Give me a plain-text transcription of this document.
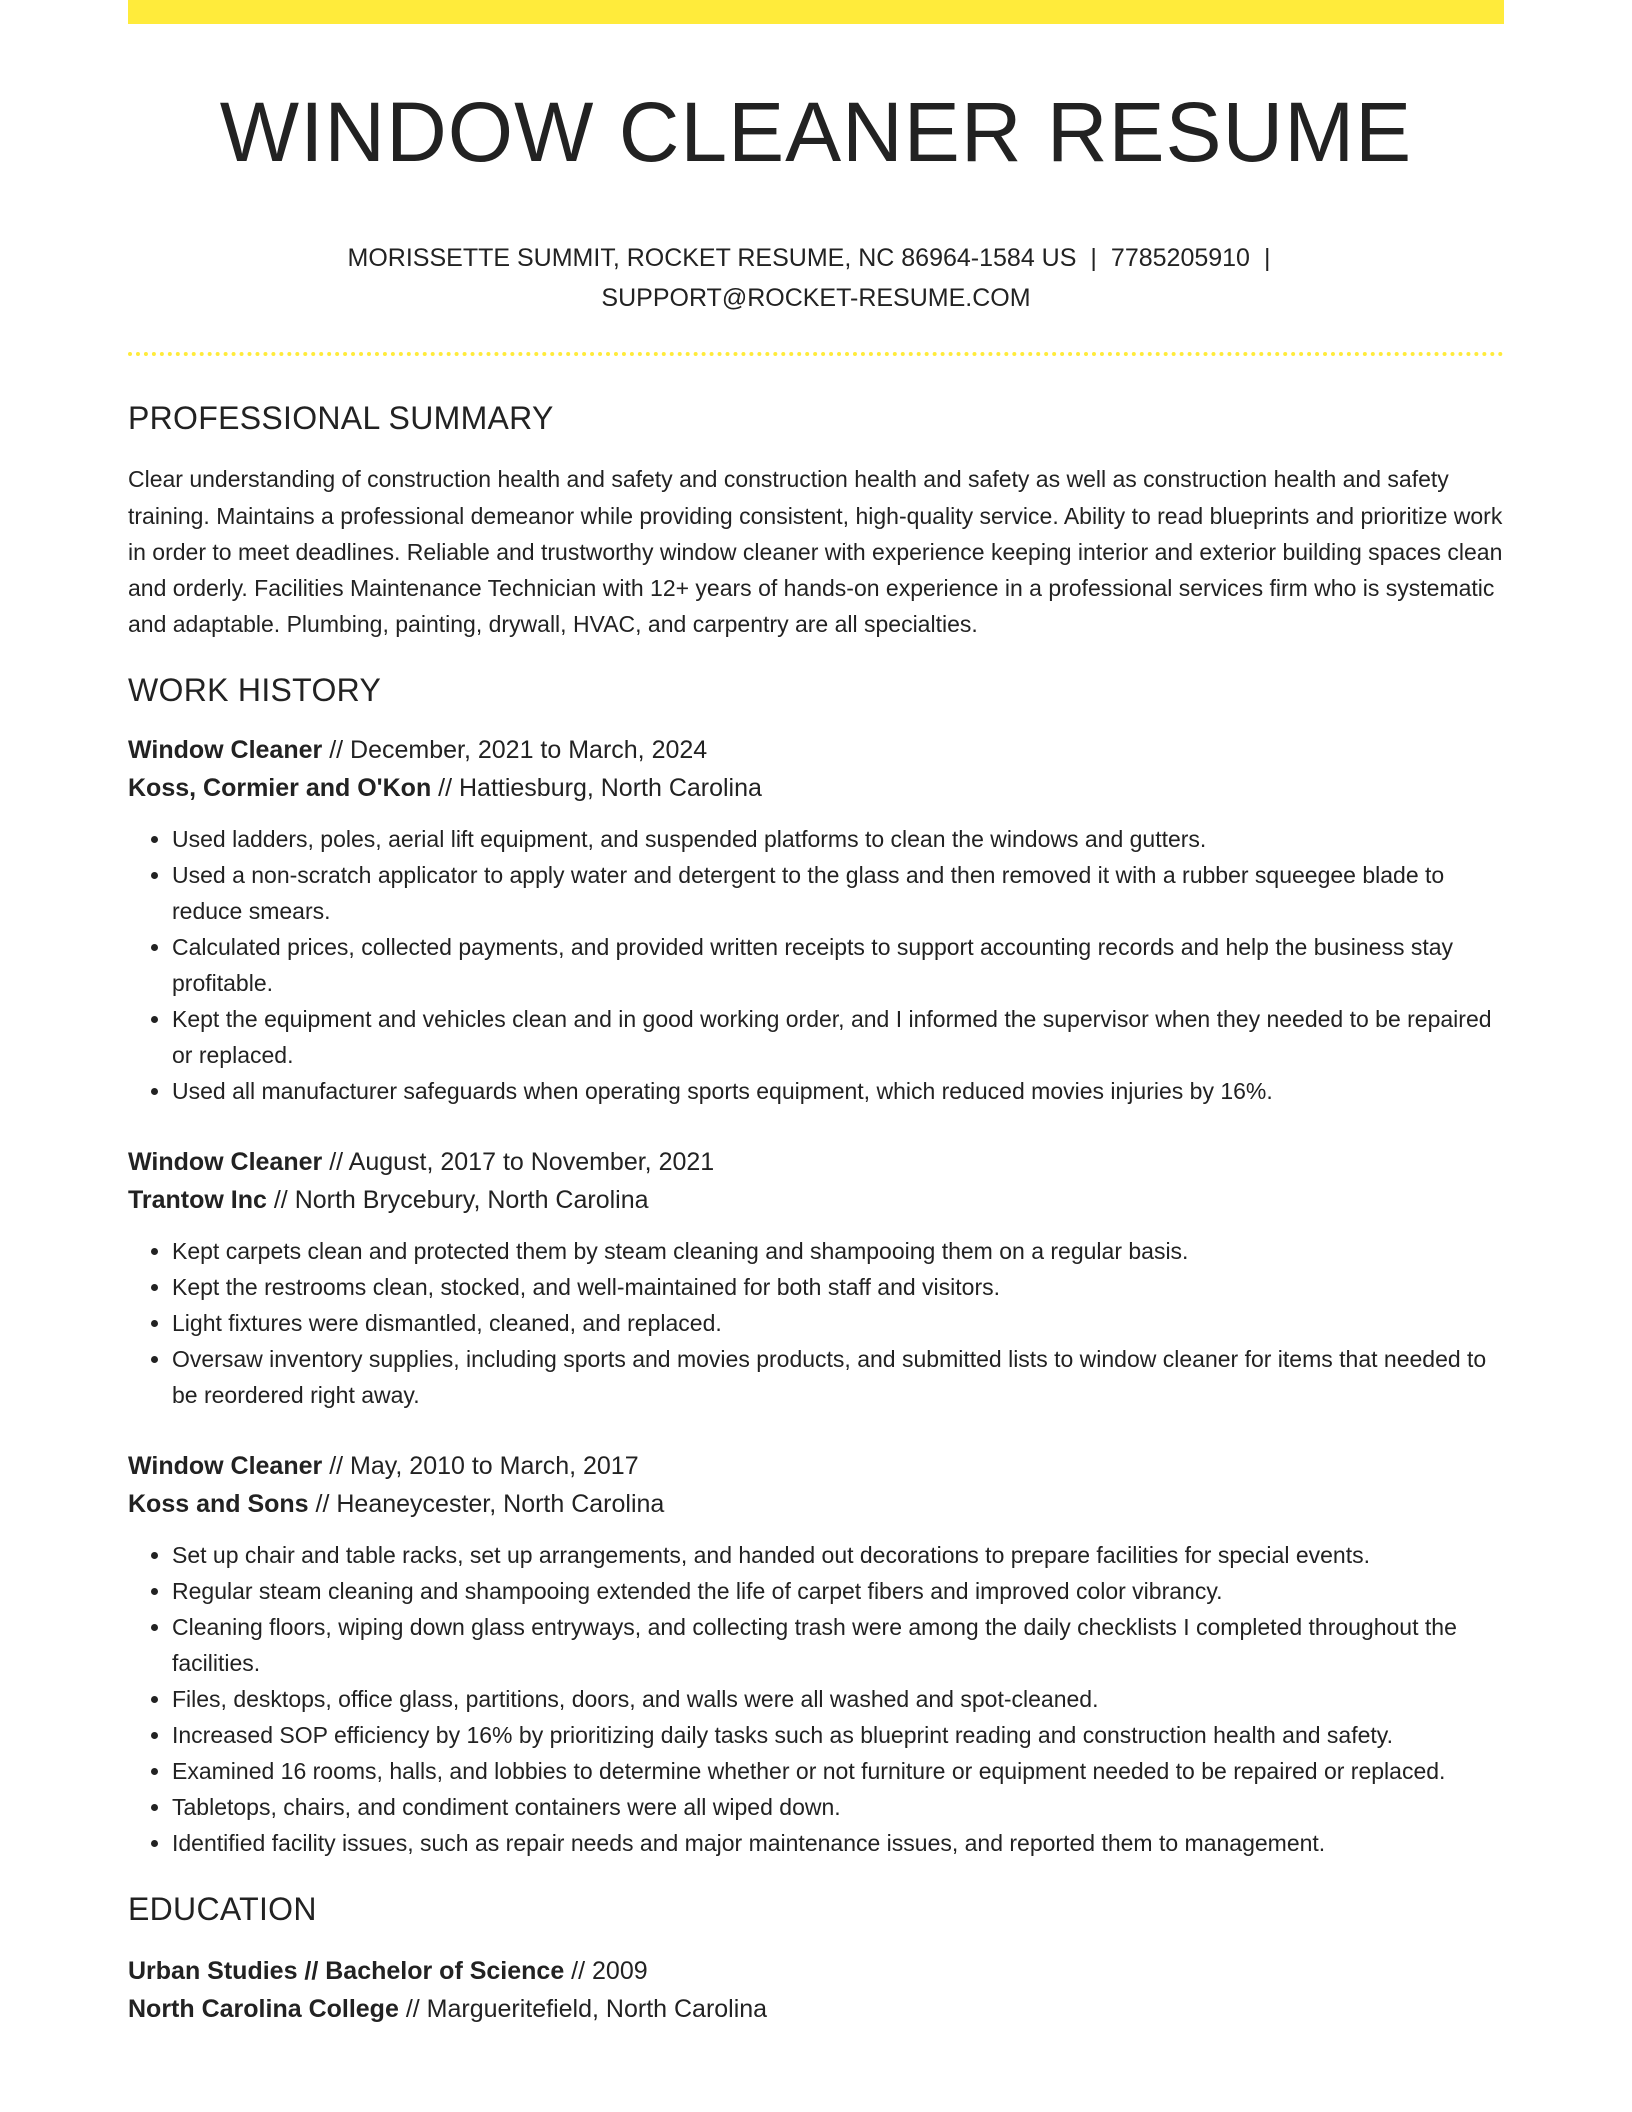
WINDOW CLEANER RESUME
MORISSETTE SUMMIT, ROCKET RESUME, NC 86964-1584 US | 7785205910 |
SUPPORT@ROCKET-RESUME.COM
PROFESSIONAL SUMMARY
Clear understanding of construction health and safety and construction health and safety as well as construction health and safety training. Maintains a professional demeanor while providing consistent, high-quality service. Ability to read blueprints and prioritize work in order to meet deadlines. Reliable and trustworthy window cleaner with experience keeping interior and exterior building spaces clean and orderly. Facilities Maintenance Technician with 12+ years of hands-on experience in a professional services firm who is systematic and adaptable. Plumbing, painting, drywall, HVAC, and carpentry are all specialties.
WORK HISTORY
Window Cleaner // December, 2021 to March, 2024
Koss, Cormier and O'Kon // Hattiesburg, North Carolina
• Used ladders, poles, aerial lift equipment, and suspended platforms to clean the windows and gutters.
• Used a non-scratch applicator to apply water and detergent to the glass and then removed it with a rubber squeegee blade to reduce smears.
• Calculated prices, collected payments, and provided written receipts to support accounting records and help the business stay profitable.
• Kept the equipment and vehicles clean and in good working order, and I informed the supervisor when they needed to be repaired or replaced.
• Used all manufacturer safeguards when operating sports equipment, which reduced movies injuries by 16%.
Window Cleaner // August, 2017 to November, 2021
Trantow Inc // North Brycebury, North Carolina
• Kept carpets clean and protected them by steam cleaning and shampooing them on a regular basis.
• Kept the restrooms clean, stocked, and well-maintained for both staff and visitors.
• Light fixtures were dismantled, cleaned, and replaced.
• Oversaw inventory supplies, including sports and movies products, and submitted lists to window cleaner for items that needed to be reordered right away.
Window Cleaner // May, 2010 to March, 2017
Koss and Sons // Heaneycester, North Carolina
• Set up chair and table racks, set up arrangements, and handed out decorations to prepare facilities for special events.
• Regular steam cleaning and shampooing extended the life of carpet fibers and improved color vibrancy.
• Cleaning floors, wiping down glass entryways, and collecting trash were among the daily checklists I completed throughout the facilities.
• Files, desktops, office glass, partitions, doors, and walls were all washed and spot-cleaned.
• Increased SOP efficiency by 16% by prioritizing daily tasks such as blueprint reading and construction health and safety.
• Examined 16 rooms, halls, and lobbies to determine whether or not furniture or equipment needed to be repaired or replaced.
• Tabletops, chairs, and condiment containers were all wiped down.
• Identified facility issues, such as repair needs and major maintenance issues, and reported them to management.
EDUCATION
Urban Studies // Bachelor of Science // 2009
North Carolina College // Margueritefield, North Carolina
